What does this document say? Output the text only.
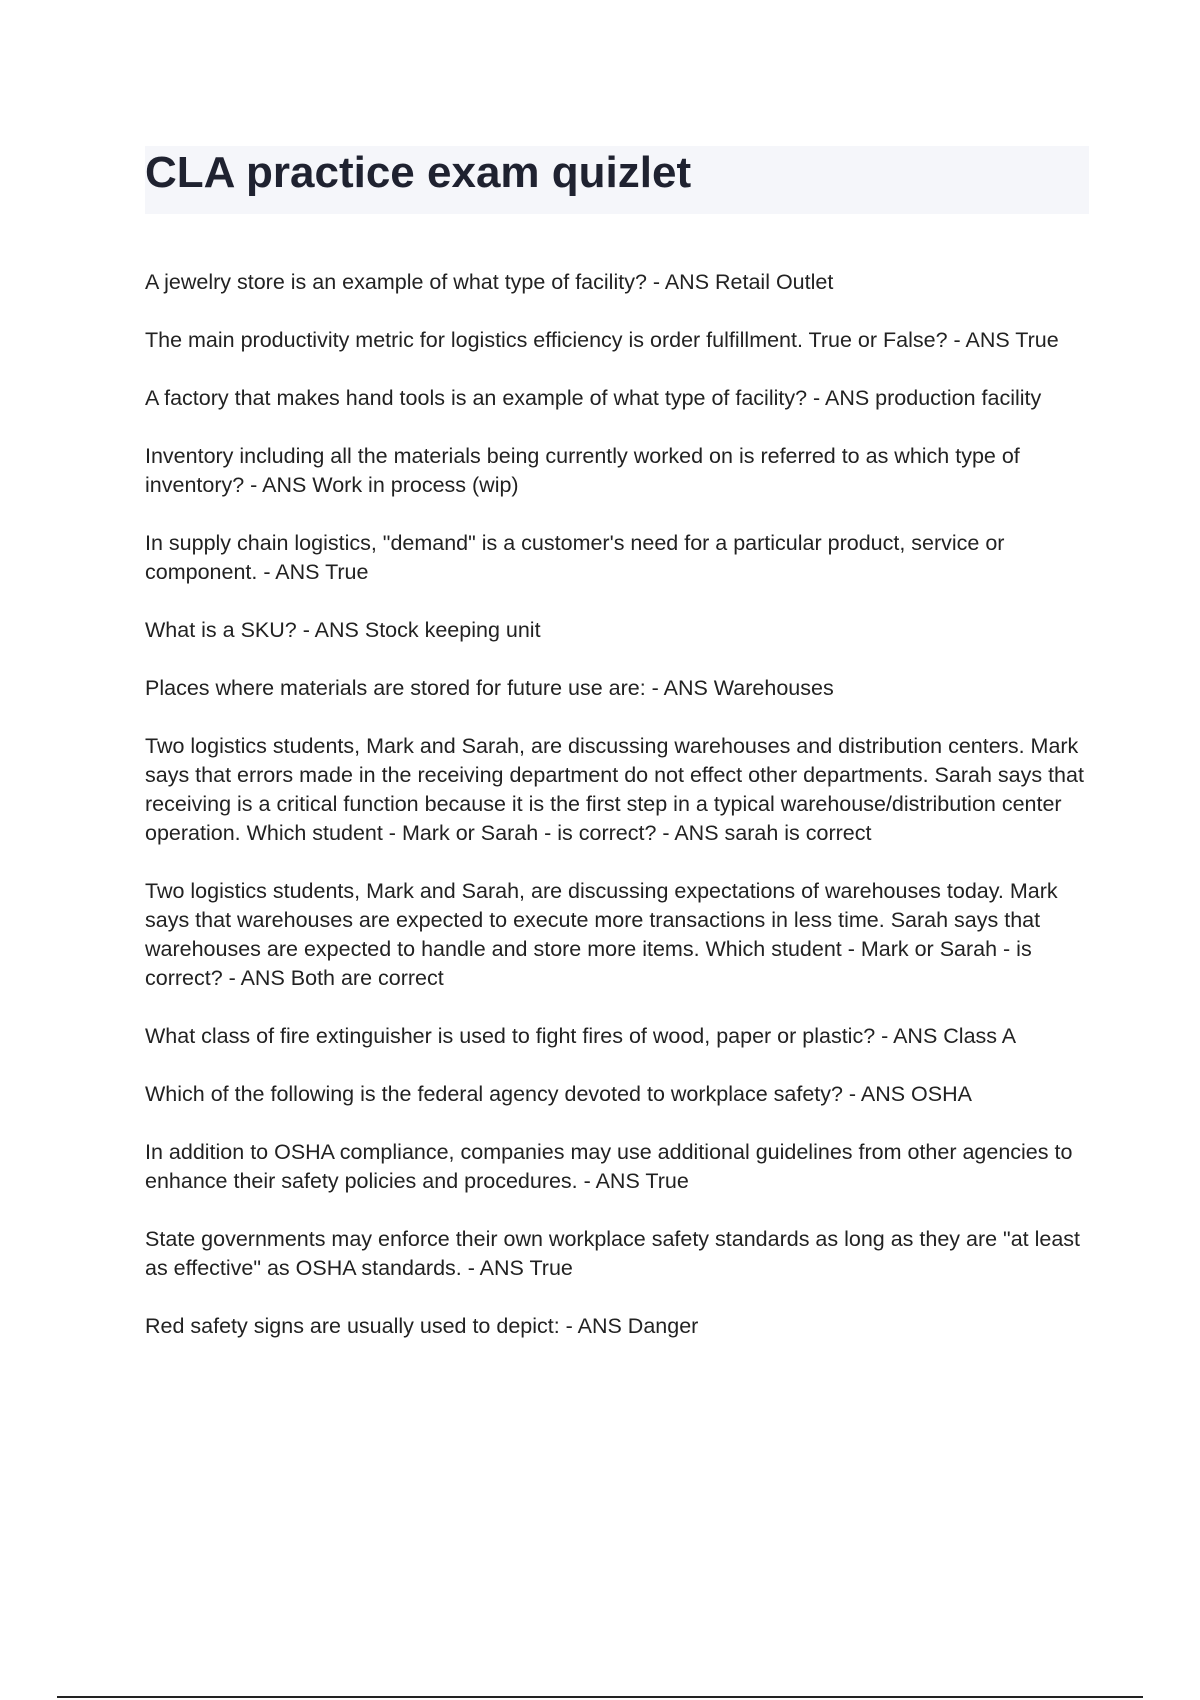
CLA practice exam quizlet
A jewelry store is an example of what type of facility? - ANS Retail Outlet
The main productivity metric for logistics efficiency is order fulfillment. True or False? - ANS True
A factory that makes hand tools is an example of what type of facility? - ANS production facility
Inventory including all the materials being currently worked on is referred to as which type of inventory? - ANS Work in process (wip)
In supply chain logistics, "demand" is a customer's need for a particular product, service or component. - ANS True
What is a SKU? - ANS Stock keeping unit
Places where materials are stored for future use are: - ANS Warehouses
Two logistics students, Mark and Sarah, are discussing warehouses and distribution centers. Mark says that errors made in the receiving department do not effect other departments. Sarah says that receiving is a critical function because it is the first step in a typical warehouse/distribution center operation. Which student - Mark or Sarah - is correct? - ANS sarah is correct
Two logistics students, Mark and Sarah, are discussing expectations of warehouses today. Mark says that warehouses are expected to execute more transactions in less time. Sarah says that warehouses are expected to handle and store more items. Which student - Mark or Sarah - is correct? - ANS Both are correct
What class of fire extinguisher is used to fight fires of wood, paper or plastic? - ANS Class A
Which of the following is the federal agency devoted to workplace safety? - ANS OSHA
In addition to OSHA compliance, companies may use additional guidelines from other agencies to enhance their safety policies and procedures. - ANS True
State governments may enforce their own workplace safety standards as long as they are "at least as effective" as OSHA standards. - ANS True
Red safety signs are usually used to depict: - ANS Danger
